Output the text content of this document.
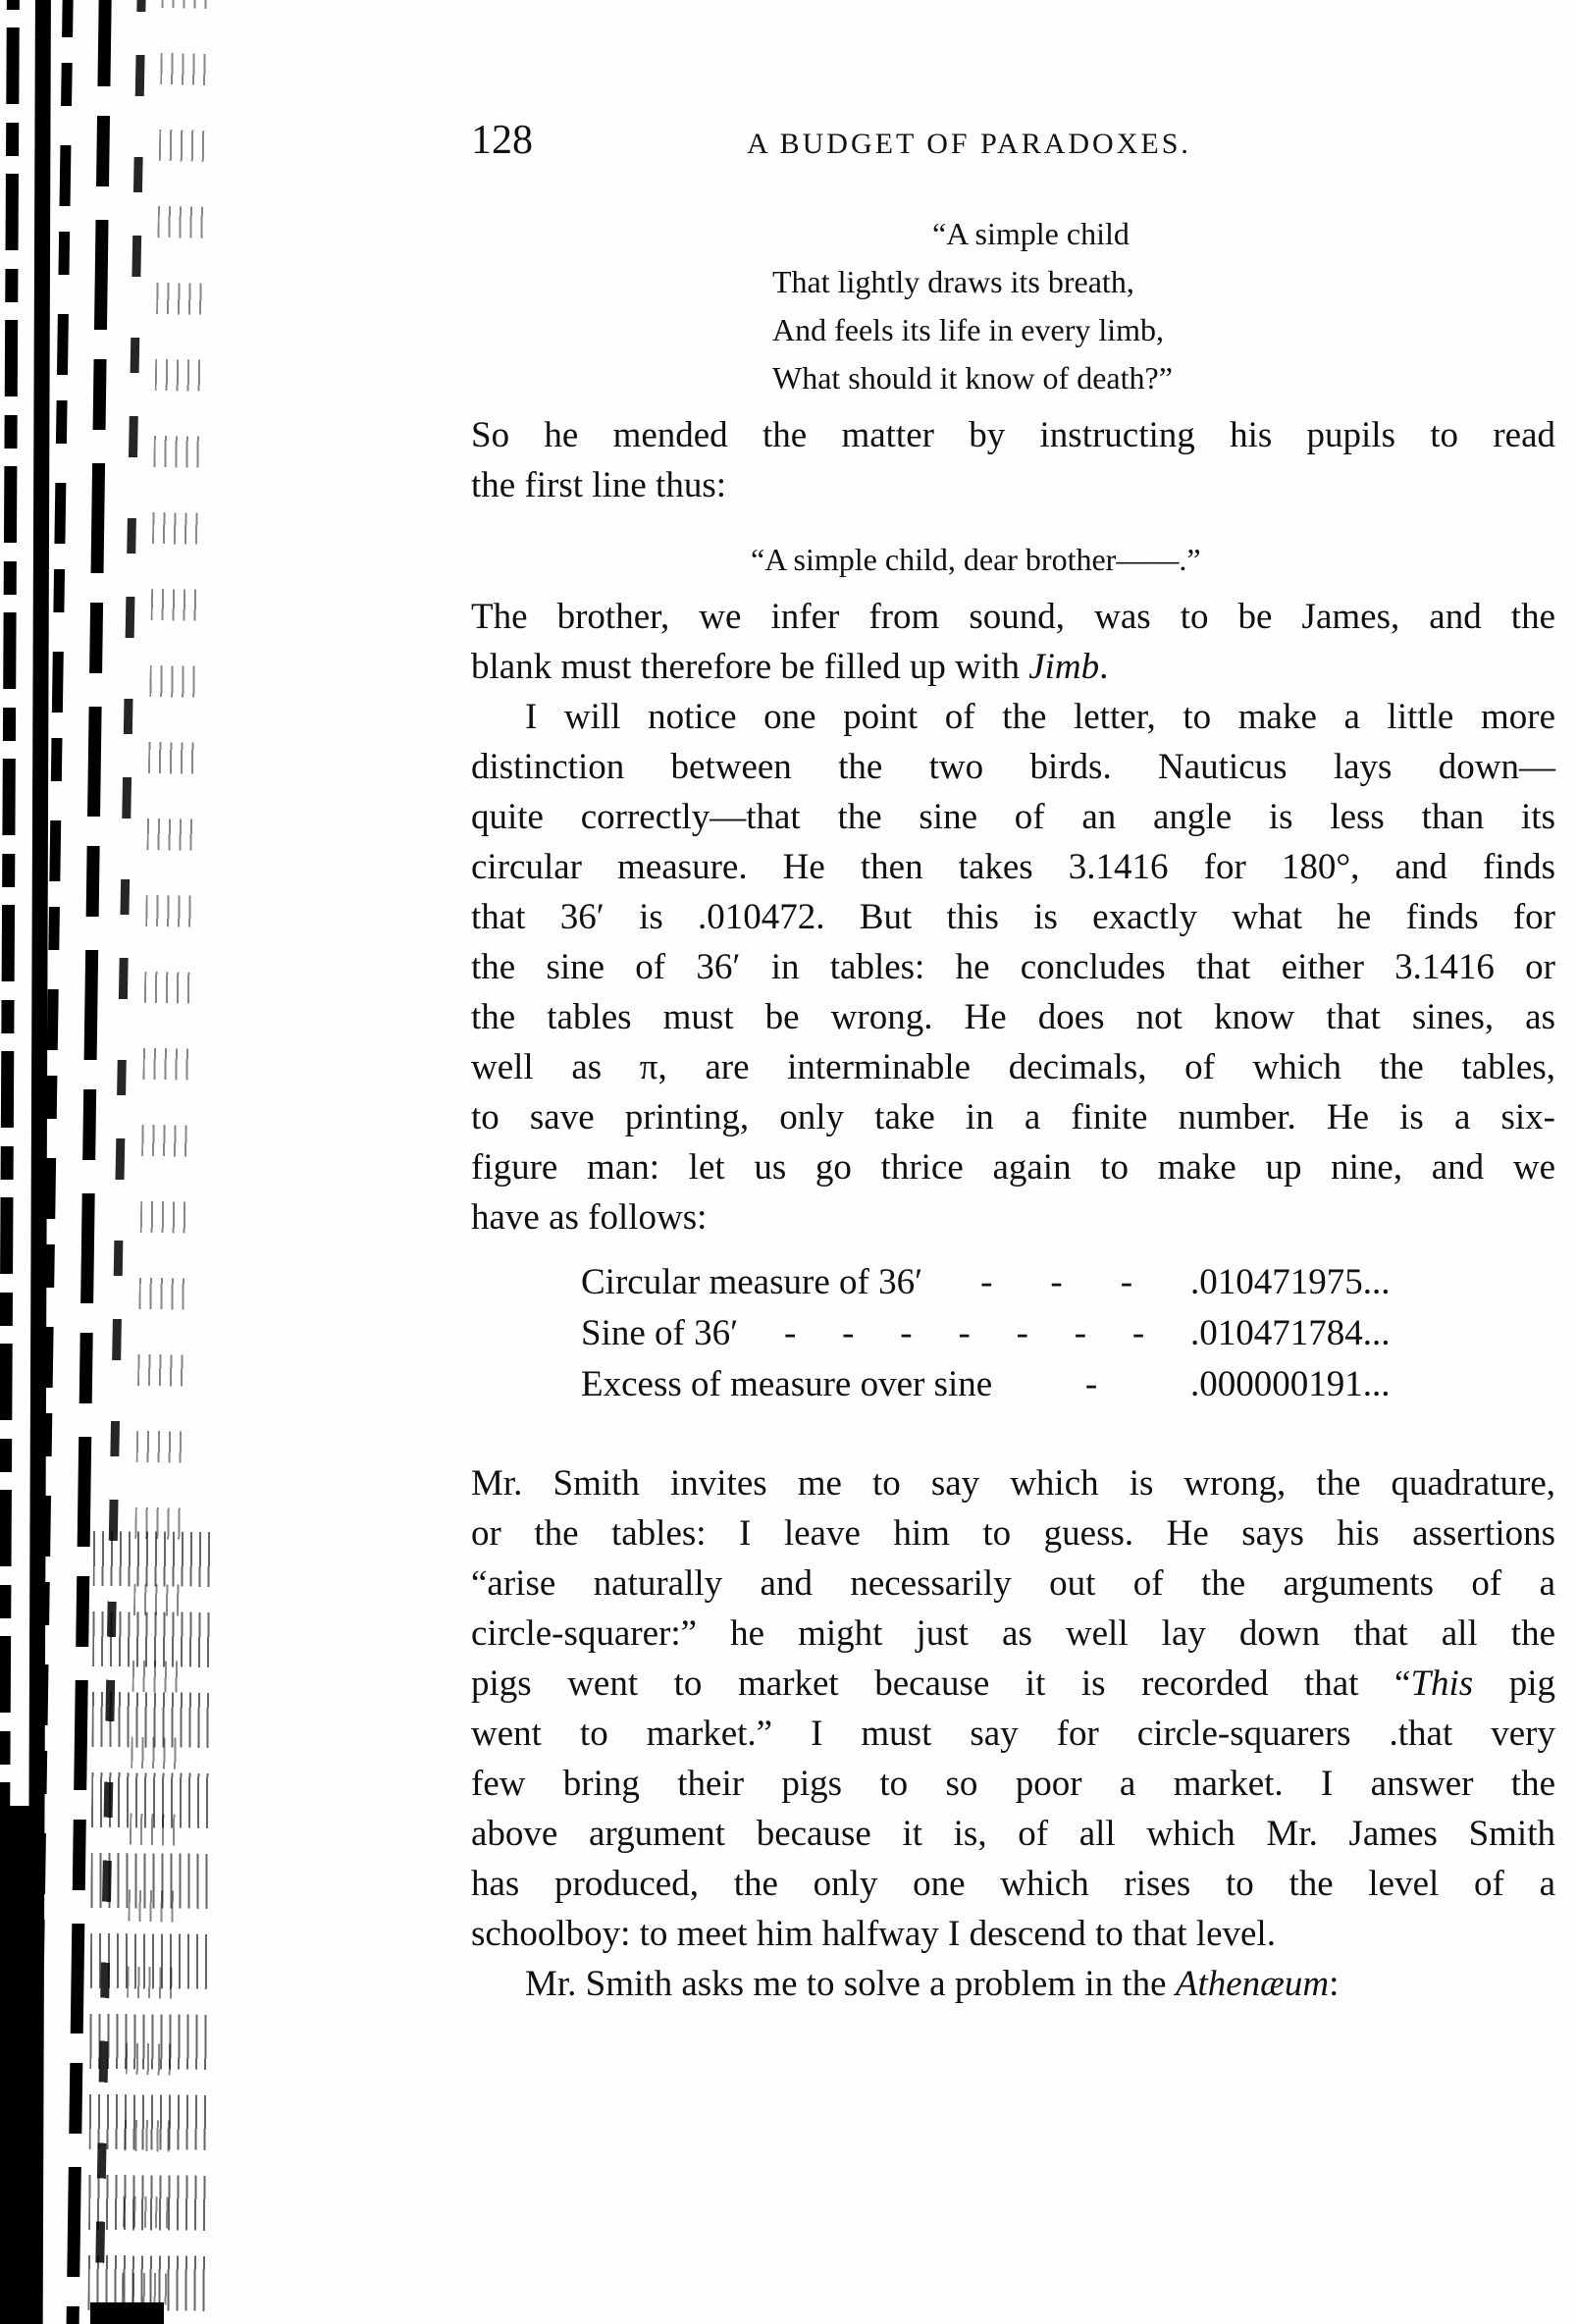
128	A BUDGET OF PARADOXES.
“A simple child
That lightly draws its breath,
And feels its life in every limb,
What should it know of death?”
So he mended the matter by instructing his pupils to read
the first line thus:
“A simple child, dear brother——.”
The brother, we infer from sound, was to be James, and the
blank must therefore be filled up with Jimb.
I will notice one point of the letter, to make a little more
distinction between the two birds. Nauticus lays down—
quite correctly—that the sine of an angle is less than its
circular measure. He then takes 3.1416 for 180°, and finds
that 36′ is .010472. But this is exactly what he finds for
the sine of 36′ in tables: he concludes that either 3.1416 or
the tables must be wrong. He does not know that sines, as
well as π, are interminable decimals, of which the tables,
to save printing, only take in a finite number. He is a six-
figure man: let us go thrice again to make up nine, and we
have as follows:
Circular measure of 36′ - - - .010471975...
Sine of 36′ - - - - - - - .010471784...
Excess of measure over sine	-	.000000191...
Mr. Smith invites me to say which is wrong, the quadrature,
or the tables: I leave him to guess. He says his assertions
“arise naturally and necessarily out of the arguments of a
circle-squarer:” he might just as well lay down that all the
pigs went to market because it is recorded that “This pig
went to market.” I must say for circle-squarers .that very
few bring their pigs to so poor a market. I answer the
above argument because it is, of all which Mr. James Smith
has produced, the only one which rises to the level of a
schoolboy: to meet him halfway I descend to that level.
Mr. Smith asks me to solve a problem in the Athenæum:
